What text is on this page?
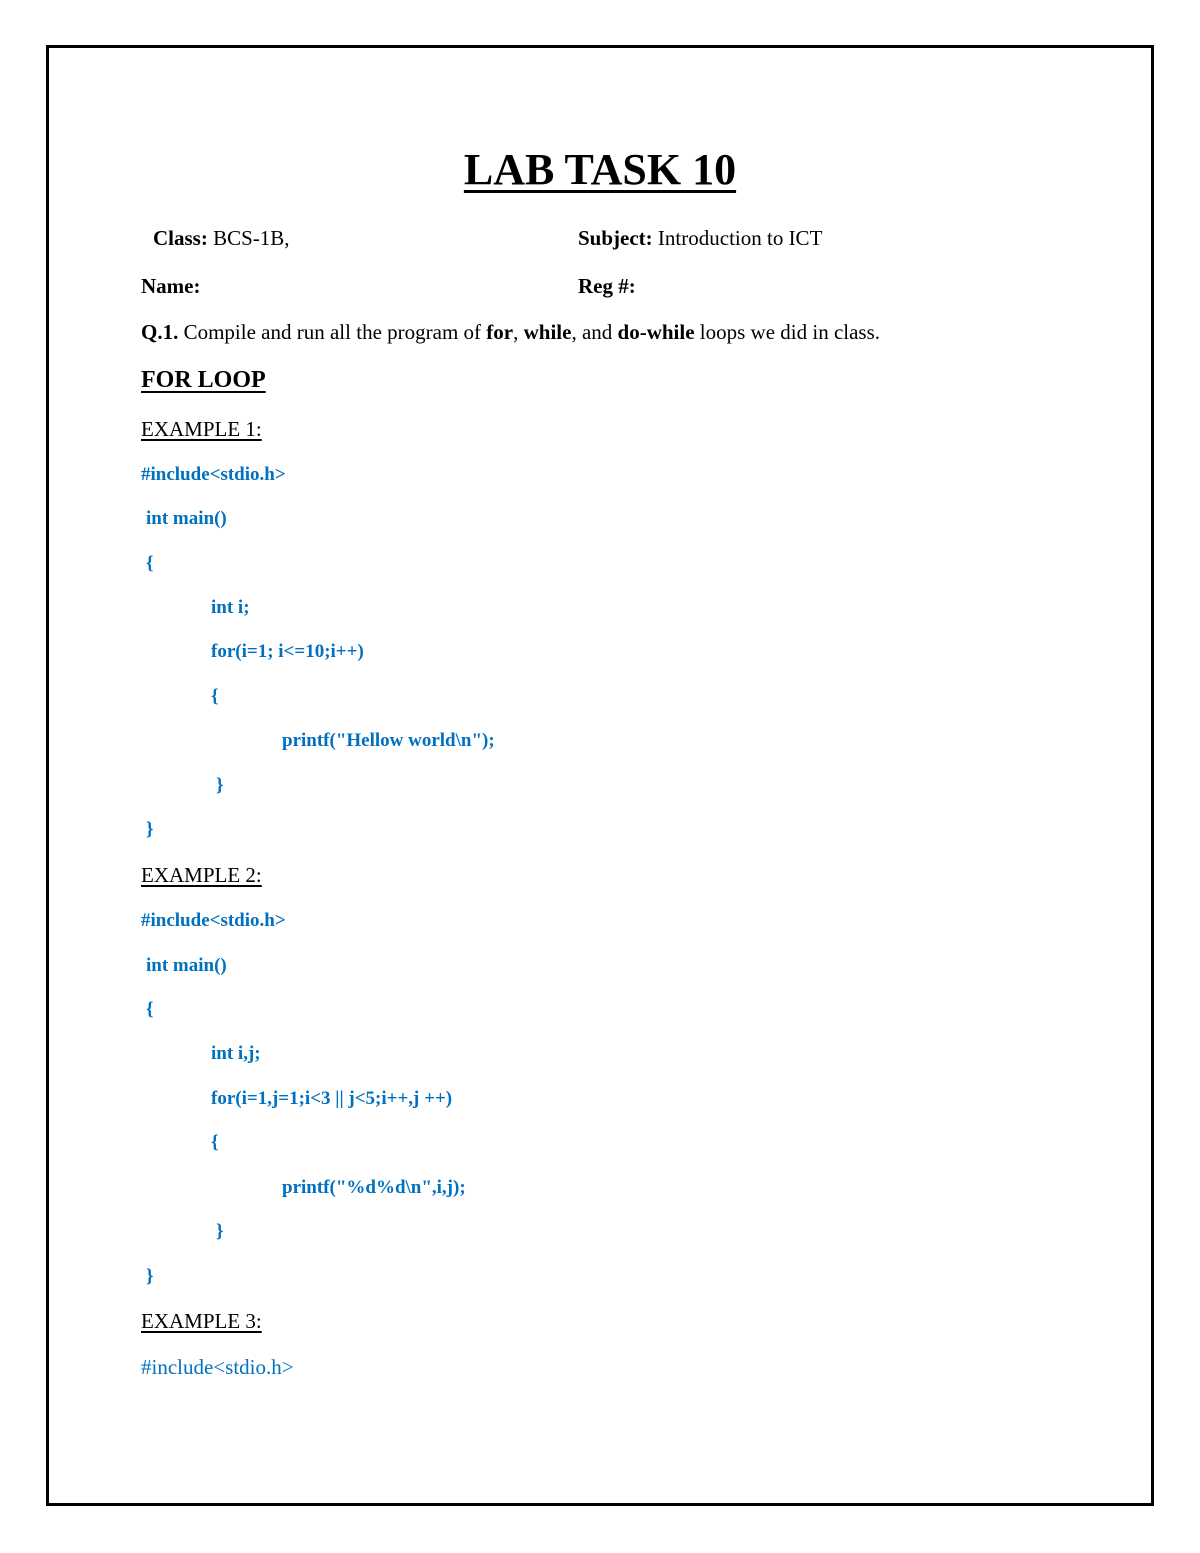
LAB TASK 10
Class: BCS-1B,	Subject: Introduction to ICT
Name:	Reg #:
Q.1. Compile and run all the program of for, while, and do-while loops we did in class.
FOR LOOP
EXAMPLE 1:
#include<stdio.h>
int main()
{
int i;
for(i=1; i<=10;i++)
{
printf("Hellow world\n");
}
}
EXAMPLE 2:
#include<stdio.h>
int main()
{
int i,j;
for(i=1,j=1;i<3 || j<5;i++,j ++)
{
printf("%d%d\n",i,j);
}
}
EXAMPLE 3:
#include<stdio.h>
